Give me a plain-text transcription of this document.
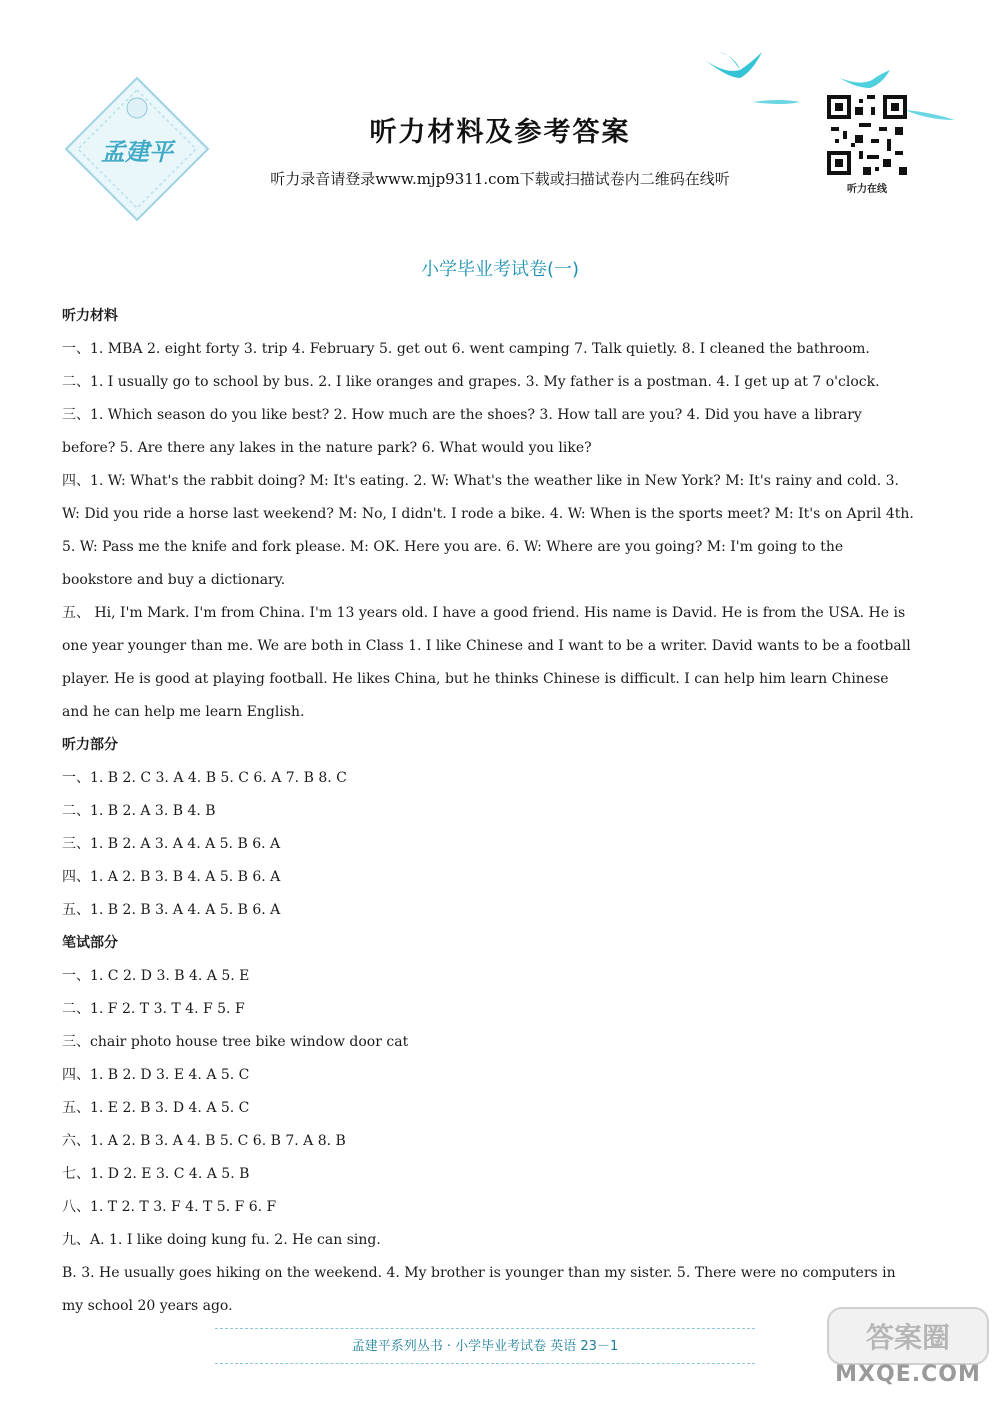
孟建平
听力材料及参考答案
听力录音请登录www.mjp9311.com下载或扫描试卷内二维码在线听
听力在线
小学毕业考试卷(一)

听力材料

一、1. MBA 2. eight forty 3. trip 4. February 5. get out 6. went camping 7. Talk quietly. 8. I cleaned the bathroom.

二、1. I usually go to school by bus. 2. I like oranges and grapes. 3. My father is a postman. 4. I get up at 7 o'clock.

三、1. Which season do you like best? 2. How much are the shoes? 3. How tall are you? 4. Did you have a library before? 5. Are there any lakes in the nature park? 6. What would you like?

四、1. W: What's the rabbit doing? M: It's eating. 2. W: What's the weather like in New York? M: It's rainy and cold. 3. W: Did you ride a horse last weekend? M: No, I didn't. I rode a bike. 4. W: When is the sports meet? M: It's on April 4th. 5. W: Pass me the knife and fork please. M: OK. Here you are. 6. W: Where are you going? M: I'm going to the bookstore and buy a dictionary.

五、 Hi, I'm Mark. I'm from China. I'm 13 years old. I have a good friend. His name is David. He is from the USA. He is one year younger than me. We are both in Class 1. I like Chinese and I want to be a writer. David wants to be a football player. He is good at playing football. He likes China, but he thinks Chinese is difficult. I can help him learn Chinese and he can help me learn English.

听力部分

一、1. B 2. C 3. A 4. B 5. C 6. A 7. B 8. C

二、1. B 2. A 3. B 4. B

三、1. B 2. A 3. A 4. A 5. B 6. A

四、1. A 2. B 3. B 4. A 5. B 6. A

五、1. B 2. B 3. A 4. A 5. B 6. A

笔试部分

一、1. C 2. D 3. B 4. A 5. E

二、1. F 2. T 3. T 4. F 5. F

三、chair photo house tree bike window door cat

四、1. B 2. D 3. E 4. A 5. C

五、1. E 2. B 3. D 4. A 5. C

六、1. A 2. B 3. A 4. B 5. C 6. B 7. A 8. B

七、1. D 2. E 3. C 4. A 5. B

八、1. T 2. T 3. F 4. T 5. F 6. F

九、A. 1. I like doing kung fu. 2. He can sing.

B. 3. He usually goes hiking on the weekend. 4. My brother is younger than my sister. 5. There were no computers in my school 20 years ago.

孟建平系列丛书 · 小学毕业考试卷 英语 23－1	答案圈
MXQE.COM
